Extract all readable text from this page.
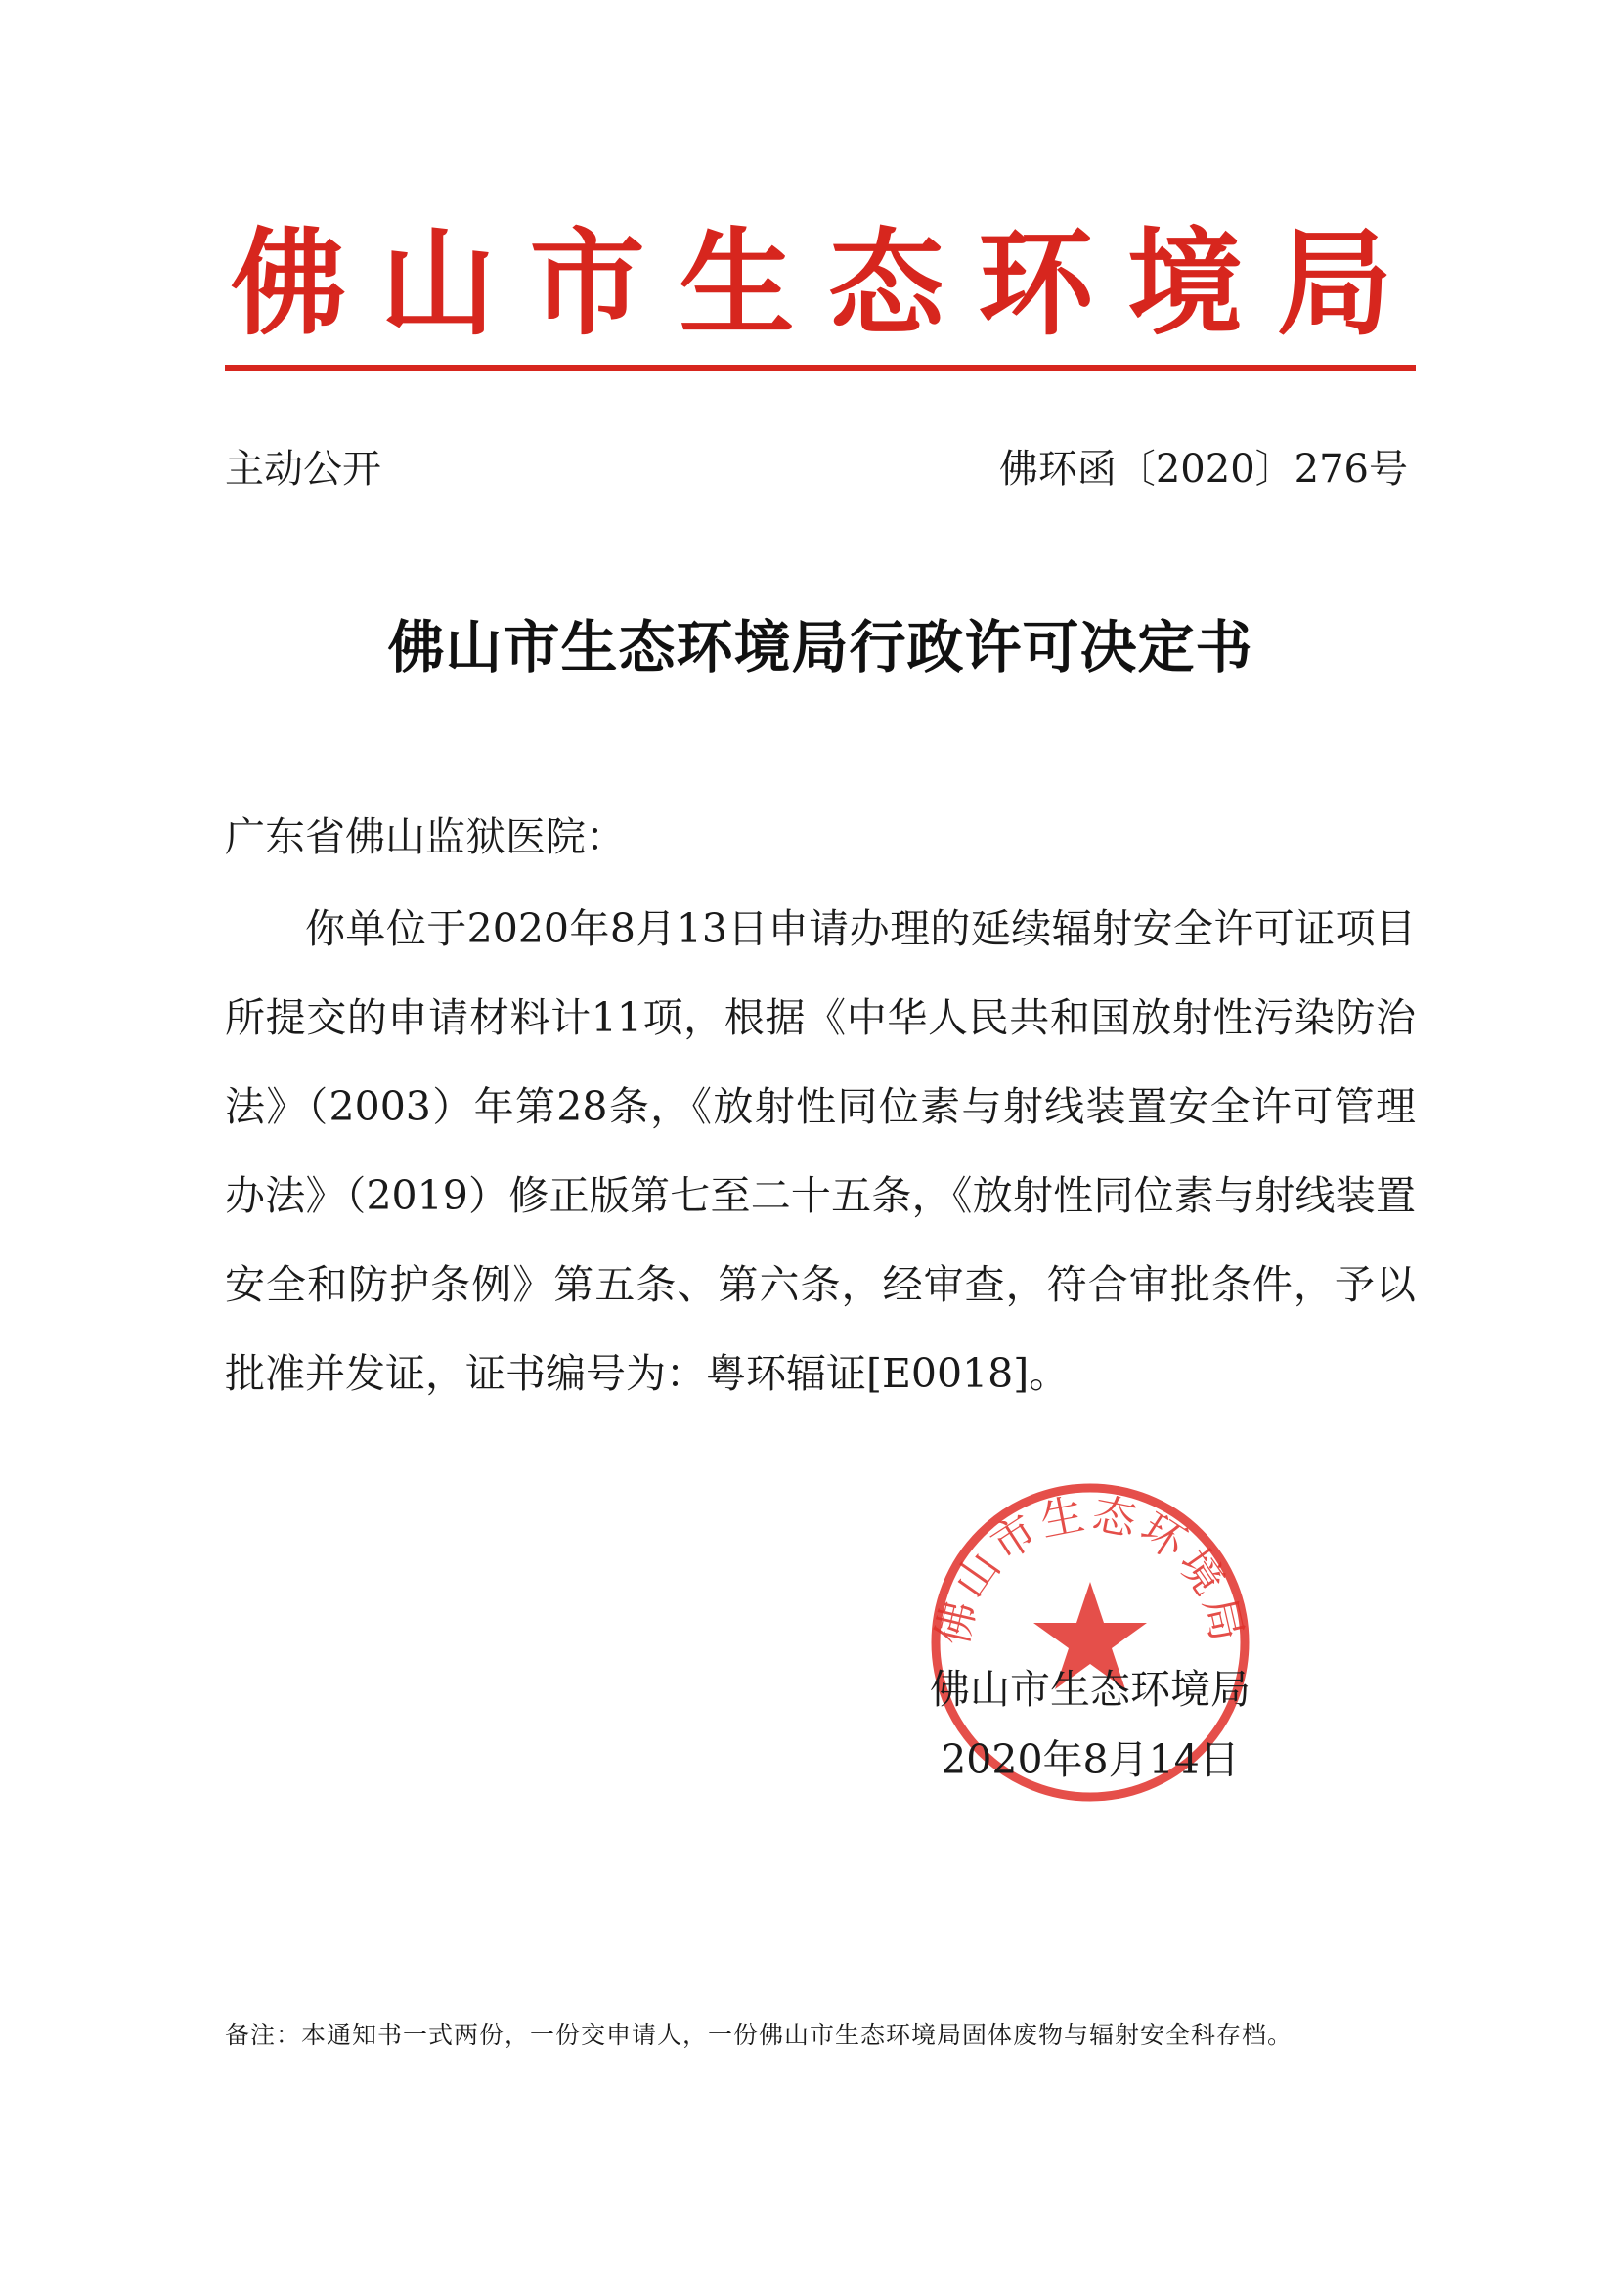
佛 山 市 生 态 环 境 局
主动公开	佛环函〔2020〕276号
佛山市生态环境局行政许可决定书
广东省佛山监狱医院：
你单位于2020年8月13日申请办理的延续辐射安全许可证项目所提交的申请材料计11项，根据《中华人民共和国放射性污染防治法》（2003）年第28条，《放射性同位素与射线装置安全许可管理办法》（2019）修正版第七至二十五条，《放射性同位素与射线装置安全和防护条例》第五条、第六条，经审查，符合审批条件，予以批准并发证，证书编号为：粤环辐证[E0018]。
佛山市生态环境局
佛山市生态环境局
2020年8月14日
备注：本通知书一式两份，一份交申请人，一份佛山市生态环境局固体废物与辐射安全科存档。
